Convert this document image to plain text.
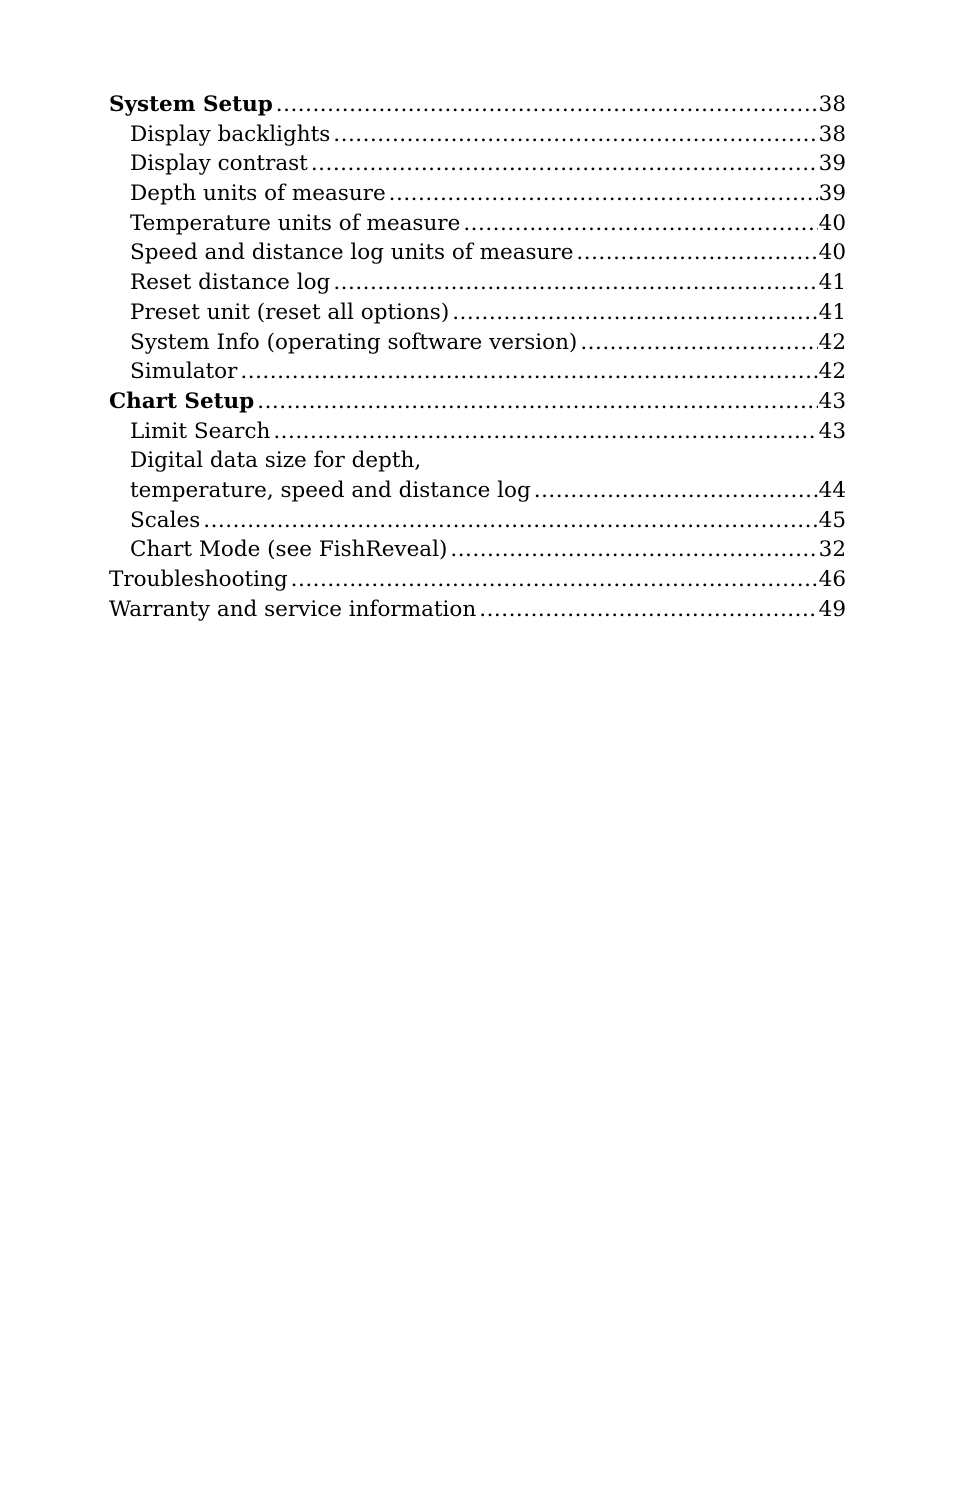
System Setup .....	38
Display backlights .....	38
Display contrast .....	39
Depth units of measure .....	39
Temperature units of measure .....	40
Speed and distance log units of measure .....	40
Reset distance log .....	41
Preset unit (reset all options) .....	41
System Info (operating software version) .....	42
Simulator .....	42
Chart Setup .....	43
Limit Search .....	43
Digital data size for depth,
temperature, speed and distance log .....	44
Scales .....	45
Chart Mode (see FishReveal) .....	32
Troubleshooting .....	46
Warranty and service information .....	49
